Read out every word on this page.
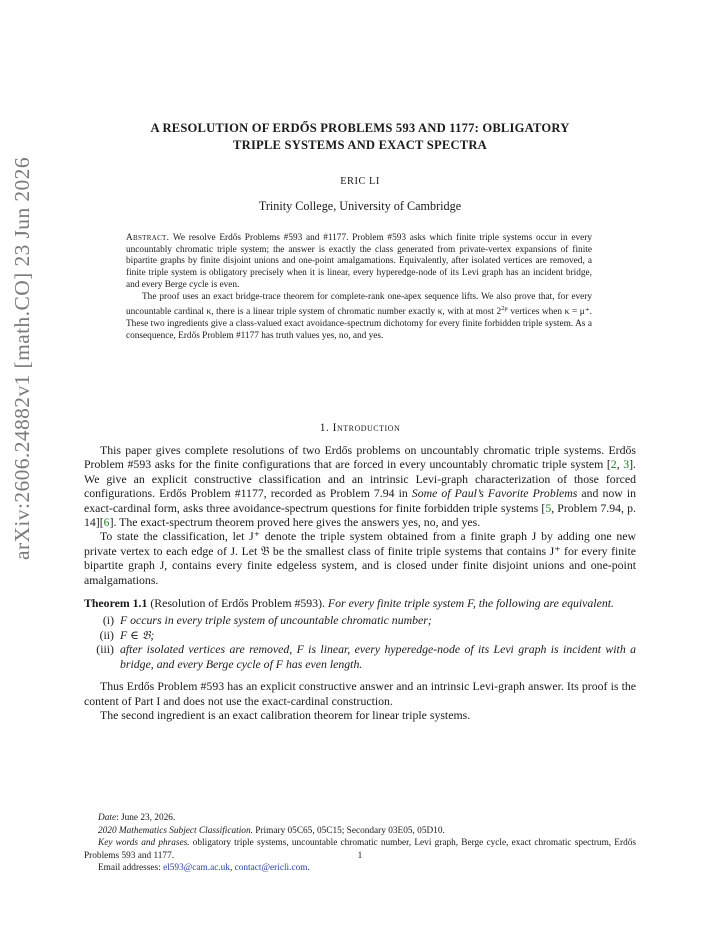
arXiv:2606.24882v1 [math.CO] 23 Jun 2026
A RESOLUTION OF ERDŐS PROBLEMS 593 AND 1177: OBLIGATORY
TRIPLE SYSTEMS AND EXACT SPECTRA
ERIC LI
Trinity College, University of Cambridge

Abstract. We resolve Erdős Problems #593 and #1177. Problem #593 asks which finite triple systems occur in every uncountably chromatic triple system; the answer is exactly the class generated from private-vertex expansions of finite bipartite graphs by finite disjoint unions and one-point amalgamations. Equivalently, after isolated vertices are removed, a finite triple system is obligatory precisely when it is linear, every hyperedge-node of its Levi graph has an incident bridge, and every Berge cycle is even.

The proof uses an exact bridge-trace theorem for complete-rank one-apex sequence lifts. We also prove that, for every uncountable cardinal κ, there is a linear triple system of chromatic number exactly κ, with at most $2^{2\mu}$ vertices when κ = μ⁺. These two ingredients give a class-valued exact avoidance-spectrum dichotomy for every finite forbidden triple system. As a consequence, Erdős Problem #1177 has truth values yes, no, and yes.

1. Introduction

This paper gives complete resolutions of two Erdős problems on uncountably chromatic triple systems. Erdős Problem #593 asks for the finite configurations that are forced in every uncountably chromatic triple system [2, 3]. We give an explicit constructive classification and an intrinsic Levi-graph characterization of those forced configurations. Erdős Problem #1177, recorded as Problem 7.94 in Some of Paul’s Favorite Problems and now in exact-cardinal form, asks three avoidance-spectrum questions for finite forbidden triple systems [5, Problem 7.94, p. 14][6]. The exact-spectrum theorem proved here gives the answers yes, no, and yes.

To state the classification, let J⁺ denote the triple system obtained from a finite graph J by adding one new private vertex to each edge of J. Let 𝔅 be the smallest class of finite triple systems that contains J⁺ for every finite bipartite graph J, contains every finite edgeless system, and is closed under finite disjoint unions and one-point amalgamations.

Theorem 1.1 (Resolution of Erdős Problem #593). For every finite triple system F, the following are equivalent.

(i) F occurs in every triple system of uncountable chromatic number;
(ii) F ∈ 𝔅;
(iii) after isolated vertices are removed, F is linear, every hyperedge-node of its Levi graph is incident with a bridge, and every Berge cycle of F has even length.

Thus Erdős Problem #593 has an explicit constructive answer and an intrinsic Levi-graph answer. Its proof is the content of Part I and does not use the exact-cardinal construction.

The second ingredient is an exact calibration theorem for linear triple systems.

Date: June 23, 2026.

2020 Mathematics Subject Classification. Primary 05C65, 05C15; Secondary 03E05, 05D10.

Key words and phrases. obligatory triple systems, uncountable chromatic number, Levi graph, Berge cycle, exact chromatic spectrum, Erdős Problems 593 and 1177.

Email addresses: el593@cam.ac.uk, contact@ericli.com.

1
